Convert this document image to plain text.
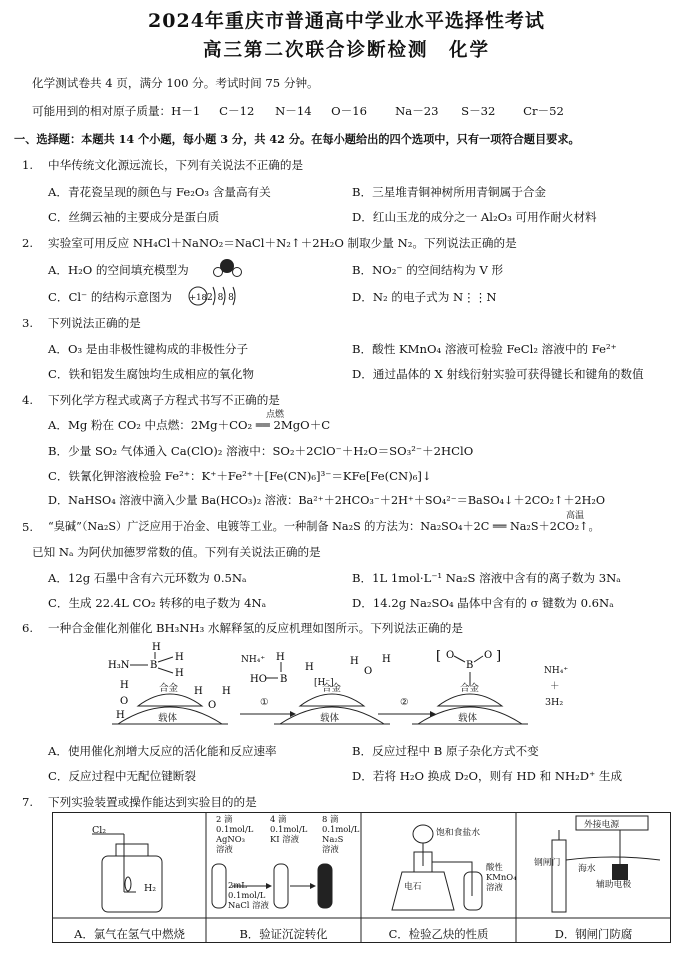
2024年重庆市普通高中学业水平选择性考试
高三第二次联合诊断检测　化学
化学测试卷共 4 页，满分 100 分。考试时间 75 分钟。
可能用到的相对原子质量：H－1 C－12 N－14 O－16 Na－23 S－32 Cr－52
一、选择题：本题共 14 个小题，每小题 3 分，共 42 分。在每小题给出的四个选项中，只有一项符合题目要求。
1. 中华传统文化源远流长，下列有关说法不正确的是
A．青花瓷呈现的颜色与 Fe₂O₃ 含量高有关	B．三星堆青铜神树所用青铜属于合金
C．丝绸云袖的主要成分是蛋白质	D．红山玉龙的成分之一 Al₂O₃ 可用作耐火材料
2. 实验室可用反应 NH₄Cl＋NaNO₂＝NaCl＋N₂↑＋2H₂O 制取少量 N₂。下列说法正确的是
A．H₂O 的空间填充模型为	B．NO₂⁻ 的空间结构为 V 形
C．Cl⁻ 的结构示意图为 +18 2 8 8	D．N₂ 的电子式为 N⋮⋮N
3. 下列说法正确的是
A．O₃ 是由非极性键构成的非极性分子	B．酸性 KMnO₄ 溶液可检验 FeCl₂ 溶液中的 Fe²⁺
C．铁和铝发生腐蚀均生成相应的氧化物	D．通过晶体的 X 射线衍射实验可获得键长和键角的数值
4. 下列化学方程式或离子方程式书写不正确的是
点燃
A．Mg 粉在 CO₂ 中点燃：2Mg＋CO₂ ══ 2MgO＋C
B．少量 SO₂ 气体通入 Ca(ClO)₂ 溶液中：SO₂＋2ClO⁻＋H₂O＝SO₃²⁻＋2HClO
C．铁氰化钾溶液检验 Fe²⁺：K⁺＋Fe²⁺＋[Fe(CN)₆]³⁻＝KFe[Fe(CN)₆]↓
D．NaHSO₄ 溶液中滴入少量 Ba(HCO₃)₂ 溶液：Ba²⁺＋2HCO₃⁻＋2H⁺＋SO₄²⁻＝BaSO₄↓＋2CO₂↑＋2H₂O
5.
高温
“臭碱”（Na₂S）广泛应用于冶金、电镀等工业。一种制备 Na₂S 的方法为：Na₂SO₄＋2C ══ Na₂S＋2CO₂↑。
已知 Nₐ 为阿伏加德罗常数的值。下列有关说法正确的是
A．12g 石墨中含有六元环数为 0.5Nₐ	B．1L 1mol·L⁻¹ Na₂S 溶液中含有的离子数为 3Nₐ
C．生成 22.4L CO₂ 转移的电子数为 4Nₐ	D．14.2g Na₂SO₄ 晶体中含有的 σ 键数为 0.6Nₐ
6. 一种合金催化剂催化 BH₃NH₃ 水解释氢的反应机理如图所示。下列说法正确的是
H
H₃N B
H
H
H
O
H
H
O
H
H
HO B
H
H
O
H	[ O
B
O ]
NH₄⁺
[H⁻]
合金
载体
合金
载体
合金
载体
①	②
NH₄⁺
＋
3H₂
A．使用催化剂增大反应的活化能和反应速率	B．反应过程中 B 原子杂化方式不变
C．反应过程中无配位键断裂	D．若将 H₂O 换成 D₂O，则有 HD 和 NH₂D⁺ 生成
7. 下列实验装置或操作能达到实验目的的是
Cl₂
H₂
2 滴
0.1mol/L
AgNO₃
溶液
4 滴
0.1mol/L
KI 溶液
8 滴
0.1mol/L
Na₂S
溶液
2mL
0.1mol/L
NaCl 溶液
饱和食盐水
电石
酸性
KMnO₄
溶液
外接电源
钢闸门
海水
辅助电极
A．氯气在氢气中燃烧	B．验证沉淀转化	C．检验乙炔的性质	D．钢闸门防腐
